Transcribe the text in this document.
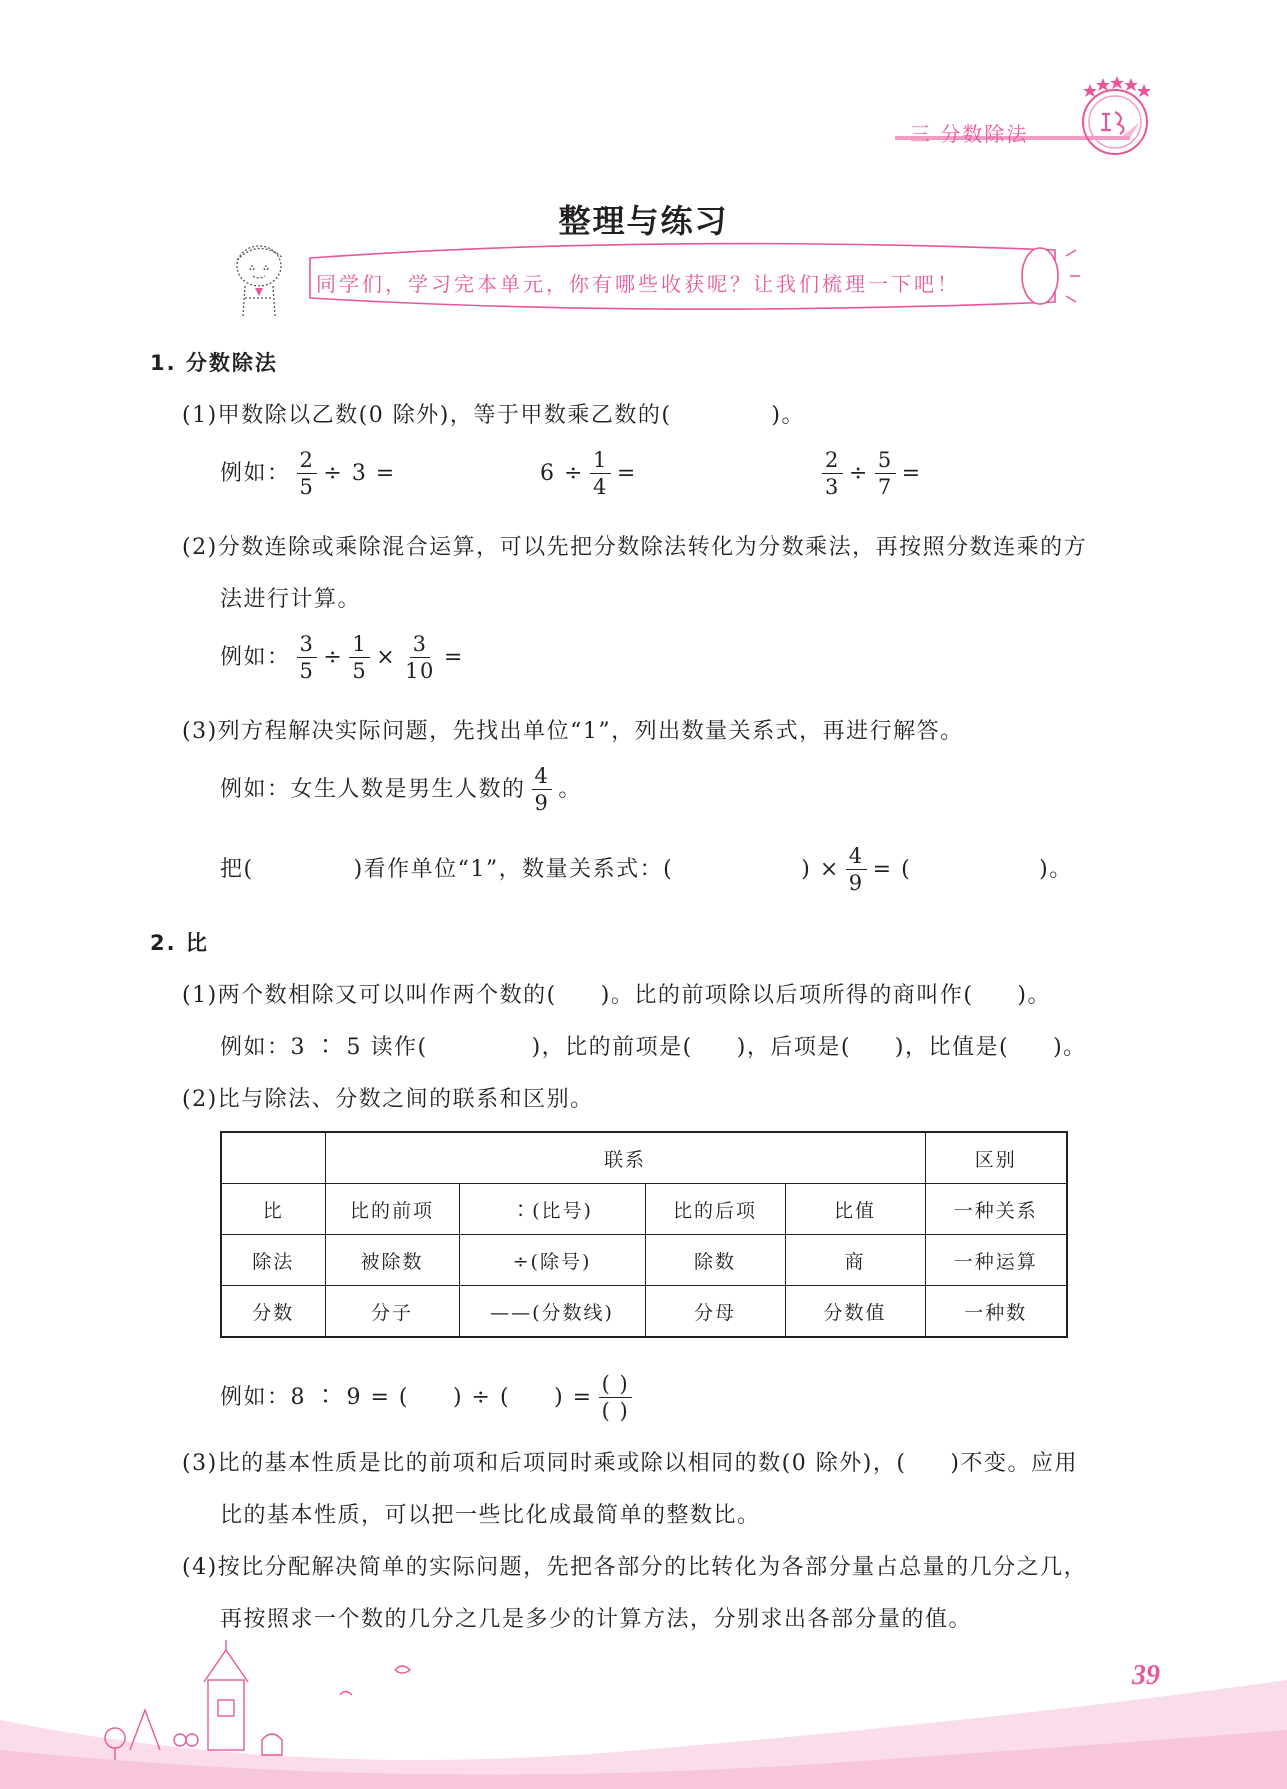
三 分数除法
整理与练习
同学们，学习完本单元，你有哪些收获呢？让我们梳理一下吧！
1. 分数除法
(1)甲数除以乙数(0 除外)，等于甲数乘乙数的(	)。
例如： $\frac{2}{5} \div 3$ =	$6 \div \frac{1}{4}$ =	$\frac{2}{3} \div \frac{5}{7}$ =
(2)分数连除或乘除混合运算，可以先把分数除法转化为分数乘法，再按照分数连乘的方
法进行计算。
例如： $\frac{3}{5} \div \frac{1}{5} \times \frac{3}{10}$ =
(3)列方程解决实际问题，先找出单位“1”，列出数量关系式，再进行解答。
例如：女生人数是男生人数的 $\frac{4}{9}$ 。
把(	)看作单位“1”，数量关系式：(	) × $\frac{4}{9}$ = (	)。
2. 比
(1)两个数相除又可以叫作两个数的( )。比的前项除以后项所得的商叫作( )。
例如：3 ∶ 5 读作(	)，比的前项是( )，后项是( )，比值是( )。
(2)比与除法、分数之间的联系和区别。
	联系				区别
比	比的前项	∶(比号)	比的后项	比值	一种关系
除法	被除数	÷(除号)	除数	商	一种运算
分数	分子	——(分数线)	分母	分数值	一种数
例如：8 ∶ 9 = ( ) ÷ ( ) = $\frac{( )}{( )}$
(3)比的基本性质是比的前项和后项同时乘或除以相同的数(0 除外)，( )不变。应用
比的基本性质，可以把一些比化成最简单的整数比。
(4)按比分配解决简单的实际问题，先把各部分的比转化为各部分量占总量的几分之几，
再按照求一个数的几分之几是多少的计算方法，分别求出各部分量的值。
39
